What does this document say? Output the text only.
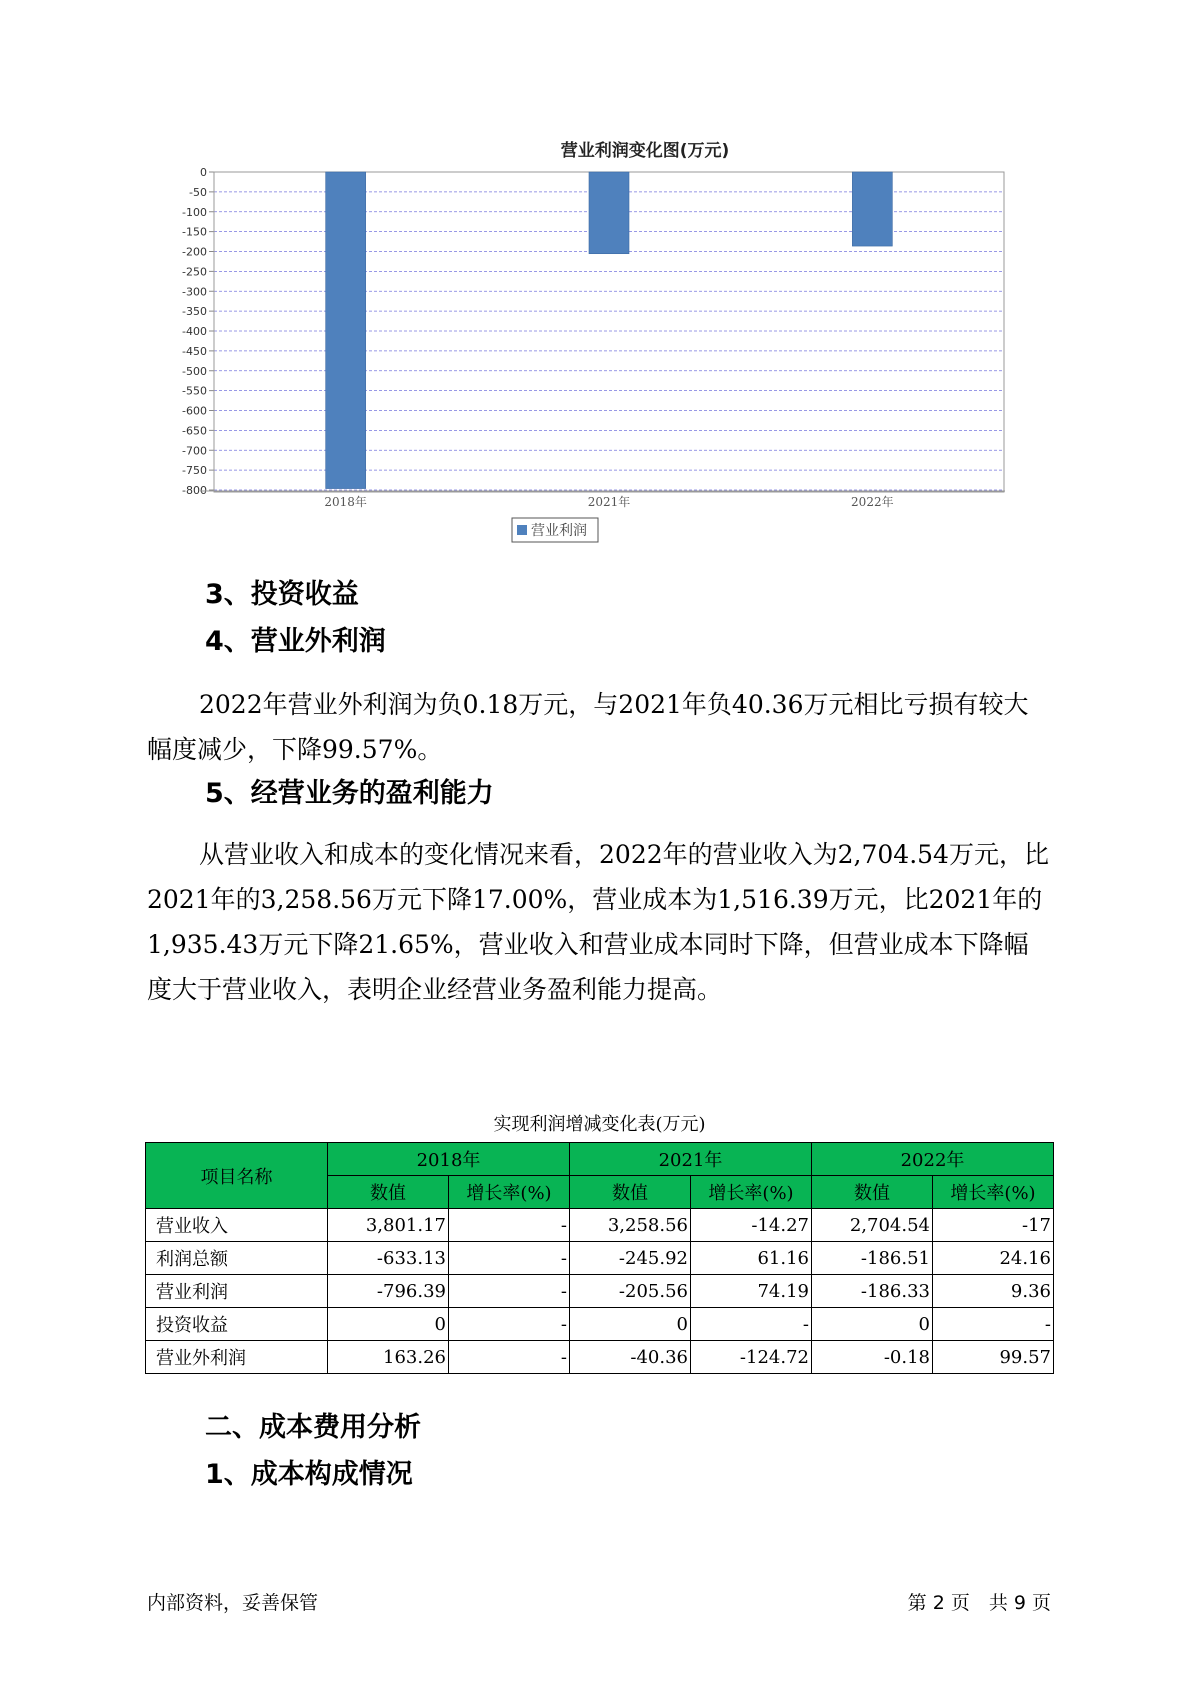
营业利润变化图(万元)
0
-50
-100
-150
-200
-250
-300
-350
-400
-450
-500
-550
-600
-650
-700
-750
-800
2018年	2021年	2022年
营业利润
3、投资收益
4、营业外利润

2022年营业外利润为负0.18万元，与2021年负40.36万元相比亏损有较大幅度减少，下降99.57%。

5、经营业务的盈利能力

从营业收入和成本的变化情况来看，2022年的营业收入为2,704.54万元，比2021年的3,258.56万元下降17.00%，营业成本为1,516.39万元，比2021年的1,935.43万元下降21.65%，营业收入和营业成本同时下降，但营业成本下降幅度大于营业收入，表明企业经营业务盈利能力提高。

实现利润增减变化表(万元)
项目名称	2018年		2021年		2022年	
	数值	增长率(%)	数值	增长率(%)	数值	增长率(%)
营业收入	3,801.17	-	3,258.56	-14.27	2,704.54	-17
利润总额	-633.13	-	-245.92	61.16	-186.51	24.16
营业利润	-796.39	-	-205.56	74.19	-186.33	9.36
投资收益	0	-	0	-	0	-
营业外利润	163.26	-	-40.36	-124.72	-0.18	99.57
二、成本费用分析
1、成本构成情况
内部资料，妥善保管	第 2 页　共 9 页
